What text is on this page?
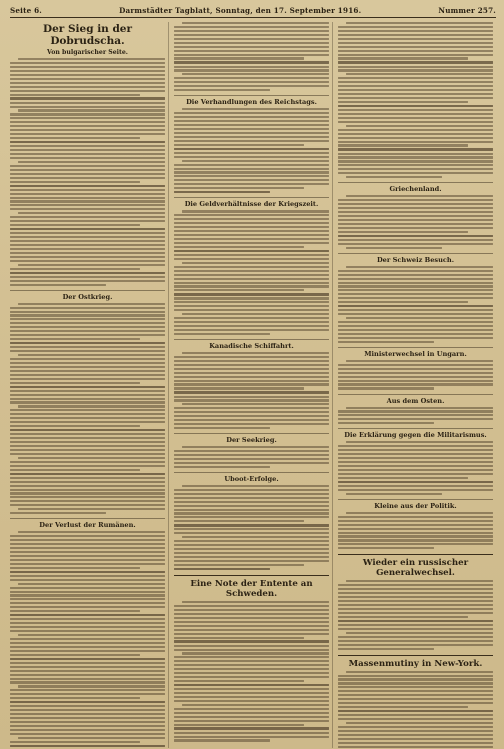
Seite 6.	Darmstädter Tagblatt, Sonntag, den 17. September 1916.	Nummer 257.
Der Sieg in der Dobrudscha.
Von bulgarischer Seite.
Der Ostkrieg.
Der Verlust der Rumänen.
Die Verhandlungen des Reichstags.
Die Geldverhältnisse der Kriegszeit.
Kanadische Schiffahrt.
Der Seekrieg.
Uboot-Erfolge.
Eine Note der Entente an Schweden.
Griechenland.
Der Schweiz Besuch.
Ministerwechsel in Ungarn.
Aus dem Osten.
Die Erklärung gegen die Militarismus.
Kleine aus der Politik.
Wieder ein russischer Generalwechsel.
Massenmutiny in New-York.
